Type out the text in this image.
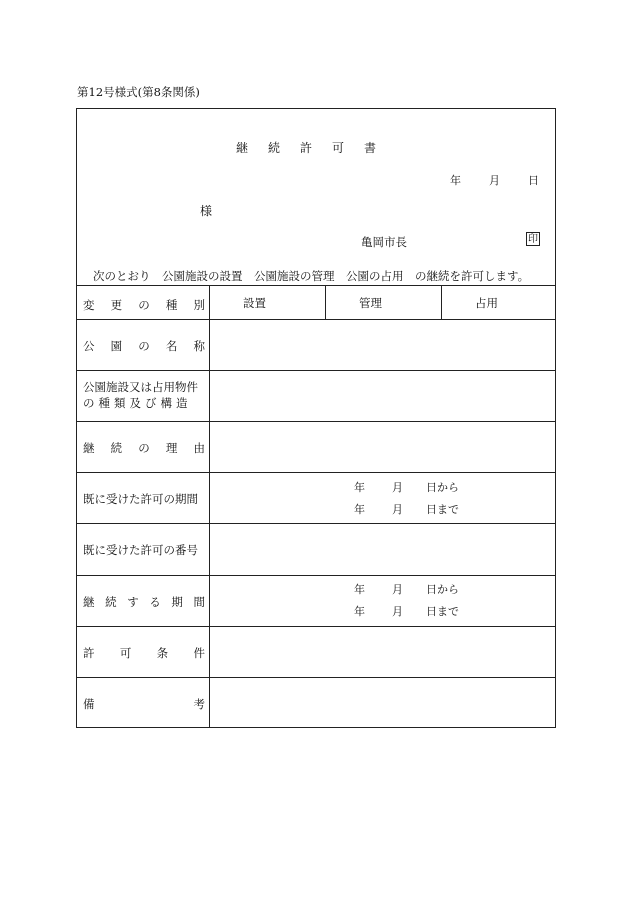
第12号様式(第8条関係)
継続許可書
年	月	日
様
亀岡市長	印
次のとおり　公園施設の設置　公園施設の管理　公園の占用　の継続を許可します。
変 更 の 種 別	設置	管理	占用
公 園 の 名 称
公園施設又は占用物件
の種類及び構造
継 続 の 理 由
既に受けた許可の期間
年	月	日から
年	月	日まで
既に受けた許可の番号
継 続 す る 期 間
年	月	日から
年	月	日まで
許 可 条 件
備	考
